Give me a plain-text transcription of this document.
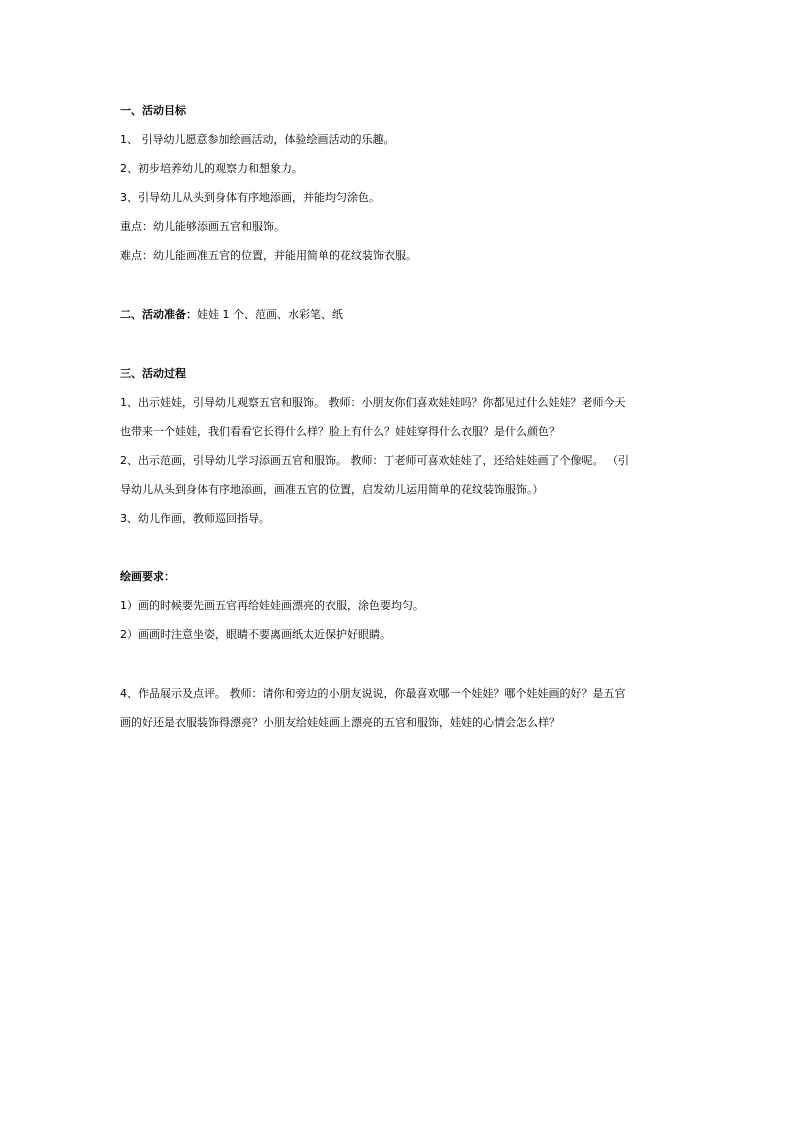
一、活动目标
1、 引导幼儿愿意参加绘画活动，体验绘画活动的乐趣。
2、初步培养幼儿的观察力和想象力。
3、引导幼儿从头到身体有序地添画，并能均匀涂色。
重点：幼儿能够添画五官和服饰。
难点：幼儿能画准五官的位置，并能用简单的花纹装饰衣服。
二、活动准备：娃娃 1 个、范画、水彩笔、纸
三、活动过程
1、出示娃娃，引导幼儿观察五官和服饰。 教师：小朋友你们喜欢娃娃吗？你都见过什么娃娃？老师今天
也带来一个娃娃，我们看看它长得什么样？脸上有什么？娃娃穿得什么衣服？是什么颜色？
2、出示范画，引导幼儿学习添画五官和服饰。 教师：丁老师可喜欢娃娃了，还给娃娃画了个像呢。 （引
导幼儿从头到身体有序地添画，画准五官的位置，启发幼儿运用简单的花纹装饰服饰。）
3、幼儿作画，教师巡回指导。
绘画要求：
1）画的时候要先画五官再给娃娃画漂亮的衣服，涂色要均匀。
2）画画时注意坐姿，眼睛不要离画纸太近保护好眼睛。
4、作品展示及点评。 教师：请你和旁边的小朋友说说，你最喜欢哪一个娃娃？哪个娃娃画的好？是五官
画的好还是衣服装饰得漂亮？小朋友给娃娃画上漂亮的五官和服饰，娃娃的心情会怎么样？
